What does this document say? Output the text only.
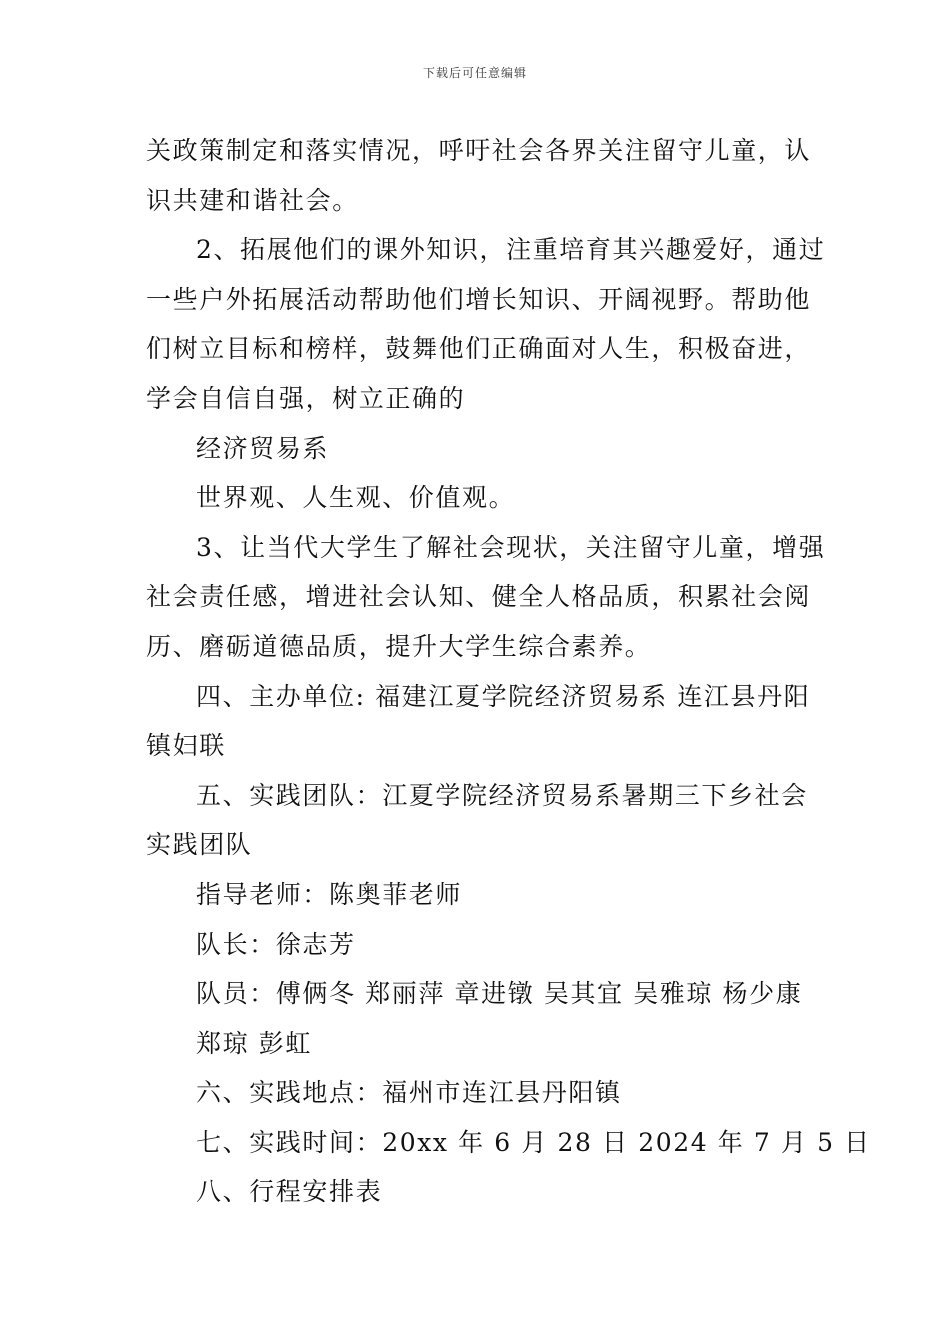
下载后可任意编辑
关政策制定和落实情况，呼吁社会各界关注留守儿童，认
识共建和谐社会。
2、拓展他们的课外知识，注重培育其兴趣爱好，通过
一些户外拓展活动帮助他们增长知识、开阔视野。帮助他
们树立目标和榜样，鼓舞他们正确面对人生，积极奋进，
学会自信自强，树立正确的
经济贸易系
世界观、人生观、价值观。
3、让当代大学生了解社会现状，关注留守儿童，增强
社会责任感，增进社会认知、健全人格品质，积累社会阅
历、磨砺道德品质，提升大学生综合素养。
四、主办单位: 福建江夏学院经济贸易系 连江县丹阳
镇妇联
五、实践团队：江夏学院经济贸易系暑期三下乡社会
实践团队
指导老师：陈奥菲老师
队长：徐志芳
队员：傅俩冬 郑丽萍 章进镦 吴其宜 吴雅琼 杨少康
郑琼 彭虹
六、实践地点：福州市连江县丹阳镇
七、实践时间：20xx 年 6 月 28 日 2024 年 7 月 5 日
八、行程安排表
